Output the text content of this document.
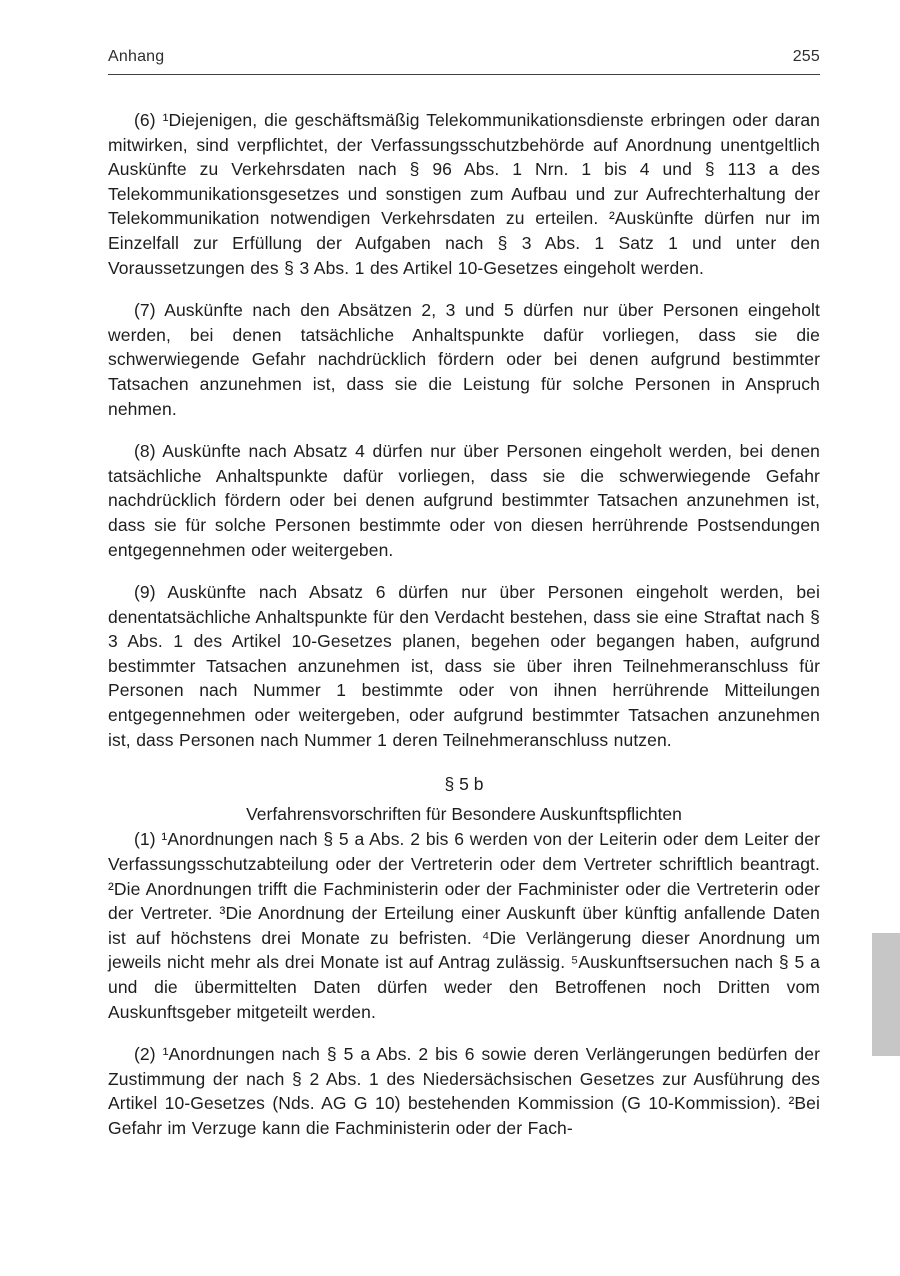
Anhang	255

(6) ¹Diejenigen, die geschäftsmäßig Telekommunikationsdienste erbringen oder daran mitwirken, sind verpflichtet, der Verfassungsschutzbehörde auf Anordnung unentgeltlich Auskünfte zu Verkehrsdaten nach § 96 Abs. 1 Nrn. 1 bis 4 und § 113 a des Telekommunikationsgesetzes und sonstigen zum Aufbau und zur Aufrechterhaltung der Telekommunikation notwendigen Verkehrsdaten zu erteilen. ²Auskünfte dürfen nur im Einzelfall zur Erfüllung der Aufgaben nach § 3 Abs. 1 Satz 1 und unter den Voraussetzungen des § 3 Abs. 1 des Artikel 10-Gesetzes eingeholt werden.

(7) Auskünfte nach den Absätzen 2, 3 und 5 dürfen nur über Personen eingeholt werden, bei denen tatsächliche Anhaltspunkte dafür vorliegen, dass sie die schwerwiegende Gefahr nachdrücklich fördern oder bei denen aufgrund bestimmter Tatsachen anzunehmen ist, dass sie die Leistung für solche Personen in Anspruch nehmen.

(8) Auskünfte nach Absatz 4 dürfen nur über Personen eingeholt werden, bei denen tatsächliche Anhaltspunkte dafür vorliegen, dass sie die schwerwiegende Gefahr nachdrücklich fördern oder bei denen aufgrund bestimmter Tatsachen anzunehmen ist, dass sie für solche Personen bestimmte oder von diesen herrührende Postsendungen entgegennehmen oder weitergeben.

(9) Auskünfte nach Absatz 6 dürfen nur über Personen eingeholt werden, bei denentatsächliche Anhaltspunkte für den Verdacht bestehen, dass sie eine Straftat nach § 3 Abs. 1 des Artikel 10-Gesetzes planen, begehen oder begangen haben, aufgrund bestimmter Tatsachen anzunehmen ist, dass sie über ihren Teilnehmeranschluss für Personen nach Nummer 1 bestimmte oder von ihnen herrührende Mitteilungen entgegennehmen oder weitergeben, oder aufgrund bestimmter Tatsachen anzunehmen ist, dass Personen nach Nummer 1 deren Teilnehmeranschluss nutzen.

§ 5 b
Verfahrensvorschriften für Besondere Auskunftspflichten

(1) ¹Anordnungen nach § 5 a Abs. 2 bis 6 werden von der Leiterin oder dem Leiter der Verfassungsschutzabteilung oder der Vertreterin oder dem Vertreter schriftlich beantragt. ²Die Anordnungen trifft die Fachministerin oder der Fachminister oder die Vertreterin oder der Vertreter. ³Die Anordnung der Erteilung einer Auskunft über künftig anfallende Daten ist auf höchstens drei Monate zu befristen. ⁴Die Verlängerung dieser Anordnung um jeweils nicht mehr als drei Monate ist auf Antrag zulässig. ⁵Auskunftsersuchen nach § 5 a und die übermittelten Daten dürfen weder den Betroffenen noch Dritten vom Auskunftsgeber mitgeteilt werden.

(2) ¹Anordnungen nach § 5 a Abs. 2 bis 6 sowie deren Verlängerungen bedürfen der Zustimmung der nach § 2 Abs. 1 des Niedersächsischen Gesetzes zur Ausführung des Artikel 10-Gesetzes (Nds. AG G 10) bestehenden Kommission (G 10-Kommission). ²Bei Gefahr im Verzuge kann die Fachministerin oder der Fach-
